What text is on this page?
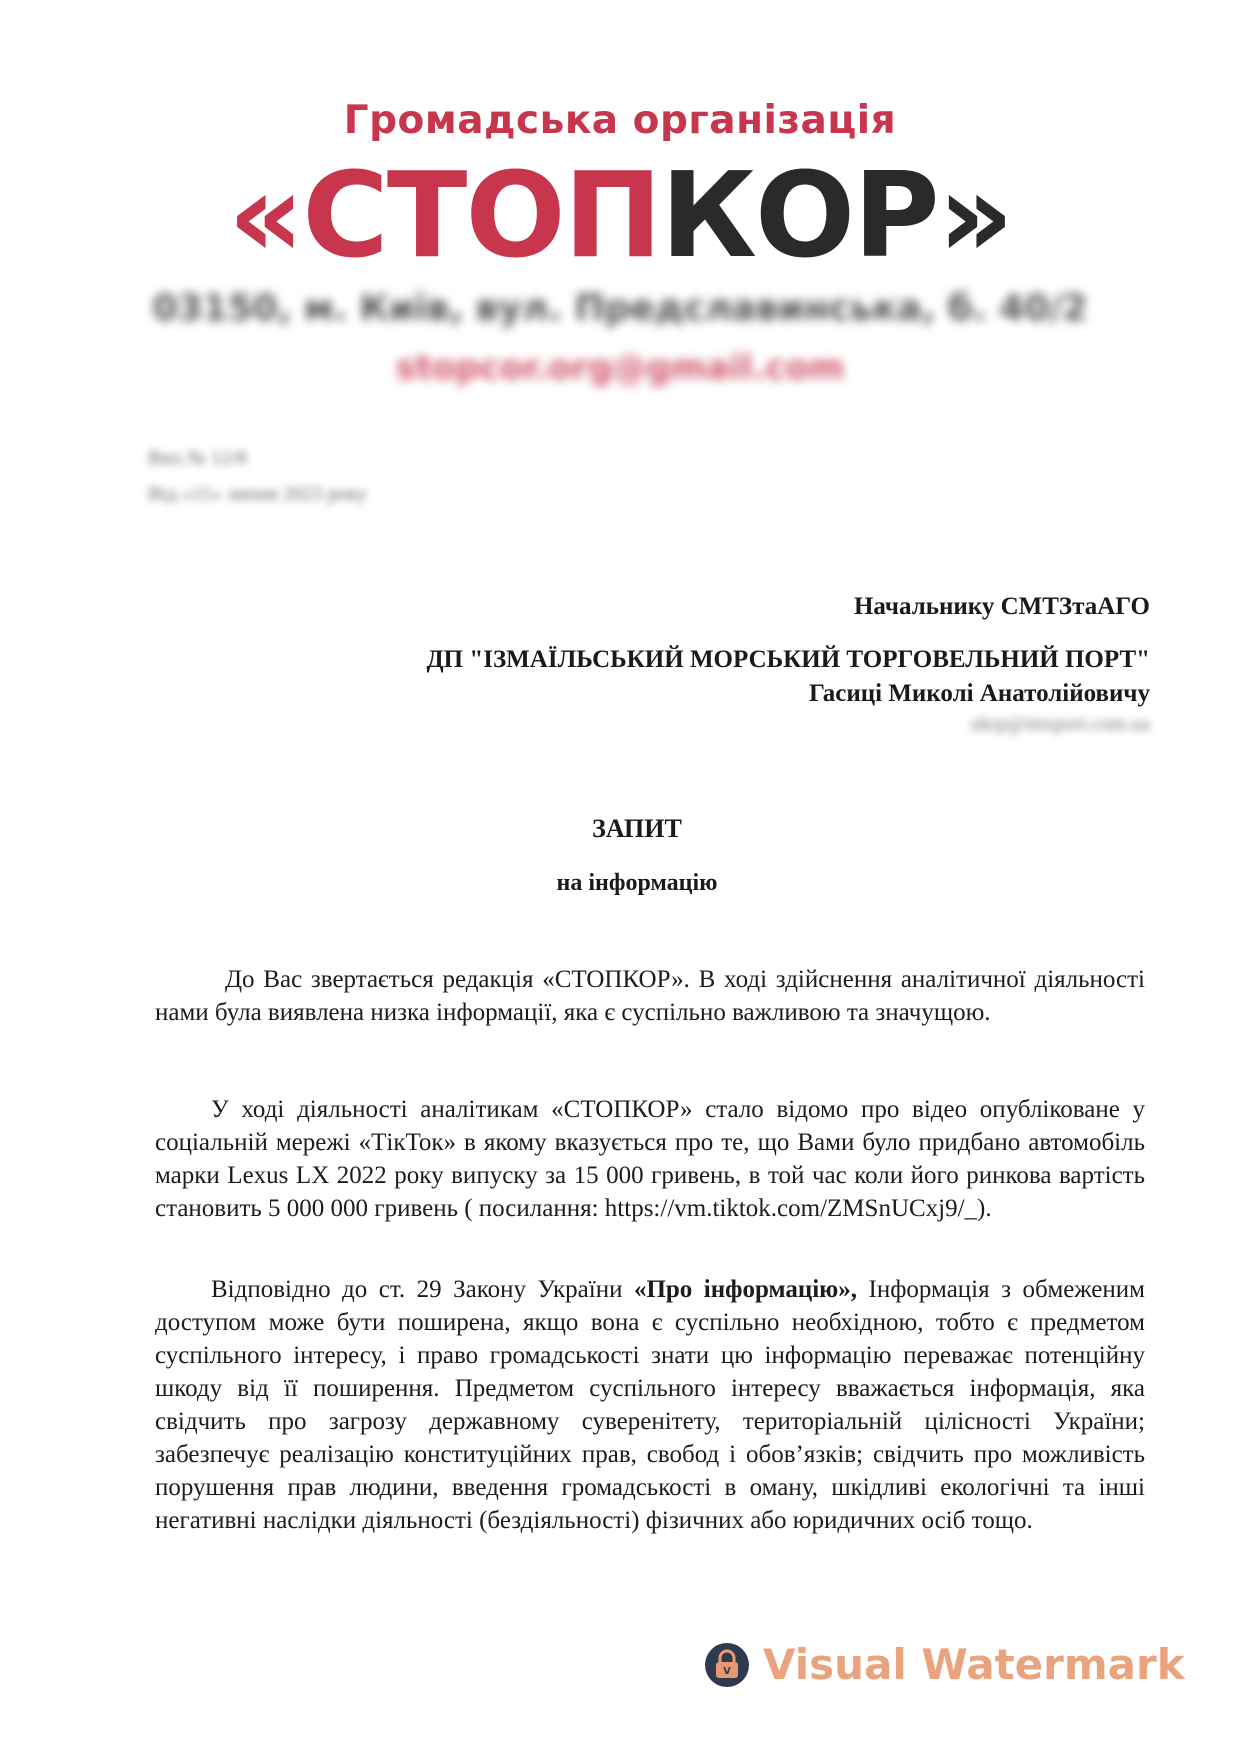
Громадська організація
«СТОПКОР»
03150, м. Київ, вул. Предславинська, б. 40/2
stopcor.org@gmail.com
Вих.№ 12/8
Від «11» липня 2023 року
Начальнику СМТЗтаАГО
ДП "ІЗМАЇЛЬСЬКИЙ МОРСЬКИЙ ТОРГОВЕЛЬНИЙ ПОРТ"
Гасиці Миколі Анатолійовичу
ukrp@imsport.com.ua
ЗАПИТ
на інформацію
До Вас звертається редакція «СТОПКОР». В ході здійснення аналітичної діяльності нами була виявлена низка інформації, яка є суспільно важливою та значущою.
У ході діяльності аналітикам «СТОПКОР» стало відомо про відео опубліковане у соціальній мережі «ТікТок» в якому вказується про те, що Вами було придбано автомобіль марки Lexus LX 2022 року випуску за 15 000 гривень, в той час коли його ринкова вартість становить 5 000 000 гривень ( посилання: https://vm.tiktok.com/ZMSnUCxj9/_).
Відповідно до ст. 29 Закону України «Про інформацію», Інформація з обмеженим доступом може бути поширена, якщо вона є суспільно необхідною, тобто є предметом суспільного інтересу, і право громадськості знати цю інформацію переважає потенційну шкоду від її поширення. Предметом суспільного інтересу вважається інформація, яка свідчить про загрозу державному суверенітету, територіальній цілісності України; забезпечує реалізацію конституційних прав, свобод і обов’язків; свідчить про можливість порушення прав людини, введення громадськості в оману, шкідливі екологічні та інші негативні наслідки діяльності (бездіяльності) фізичних або юридичних осіб тощо.
V Visual Watermark
